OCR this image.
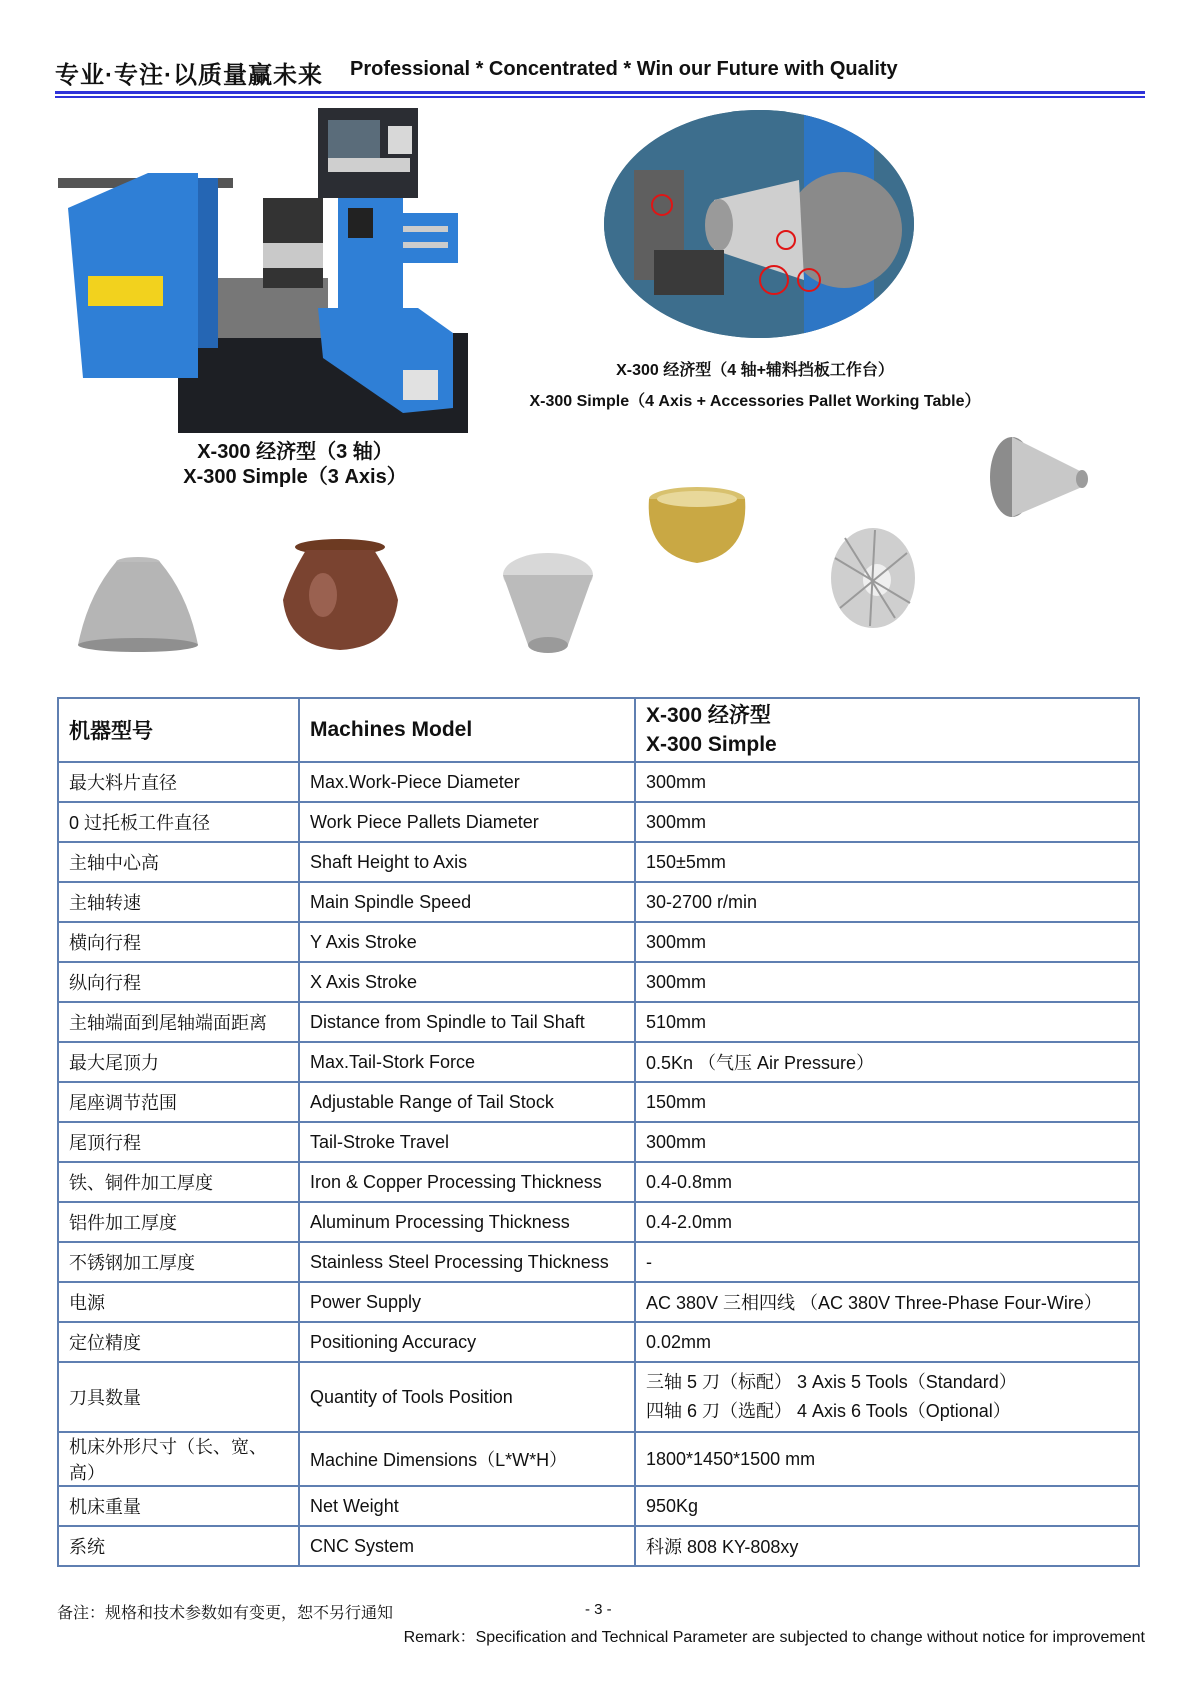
专业·专注·以质量赢未来 Professional * Concentrated * Win our Future with Quality
X-300 经济型（3 轴）
X-300 Simple（3 Axis）
X-300 经济型（4 轴+辅料挡板工作台）
X-300 Simple（4 Axis + Accessories Pallet Working Table）
机器型号	Machines Model	X-300 经济型
X-300 Simple

最大料片直径	Max.Work-Piece Diameter	300mm
0 过托板工件直径	Work Piece Pallets Diameter	300mm
主轴中心高	Shaft Height to Axis	150±5mm
主轴转速	Main Spindle Speed	30-2700 r/min
横向行程	Y Axis Stroke	300mm
纵向行程	X Axis Stroke	300mm
主轴端面到尾轴端面距离	Distance from Spindle to Tail Shaft	510mm
最大尾顶力	Max.Tail-Stork Force	0.5Kn （气压 Air Pressure）
尾座调节范围	Adjustable Range of Tail Stock	150mm
尾顶行程	Tail-Stroke Travel	300mm
铁、铜件加工厚度	Iron & Copper Processing Thickness	0.4-0.8mm
铝件加工厚度	Aluminum Processing Thickness	0.4-2.0mm
不锈钢加工厚度	Stainless Steel Processing Thickness	-
电源	Power Supply	AC 380V 三相四线 （AC 380V Three-Phase Four-Wire）
定位精度	Positioning Accuracy	0.02mm
刀具数量	Quantity of Tools Position	三轴 5 刀（标配） 3 Axis 5 Tools（Standard）
四轴 6 刀（选配） 4 Axis 6 Tools（Optional）

机床外形尺寸（长、宽、高）	Machine Dimensions（L*W*H）	1800*1450*1500 mm
机床重量	Net Weight	950Kg
系统	CNC System	科源 808 KY-808xy
备注：规格和技术参数如有变更，恕不另行通知	- 3 -
Remark：Specification and Technical Parameter are subjected to change without notice for improvement
